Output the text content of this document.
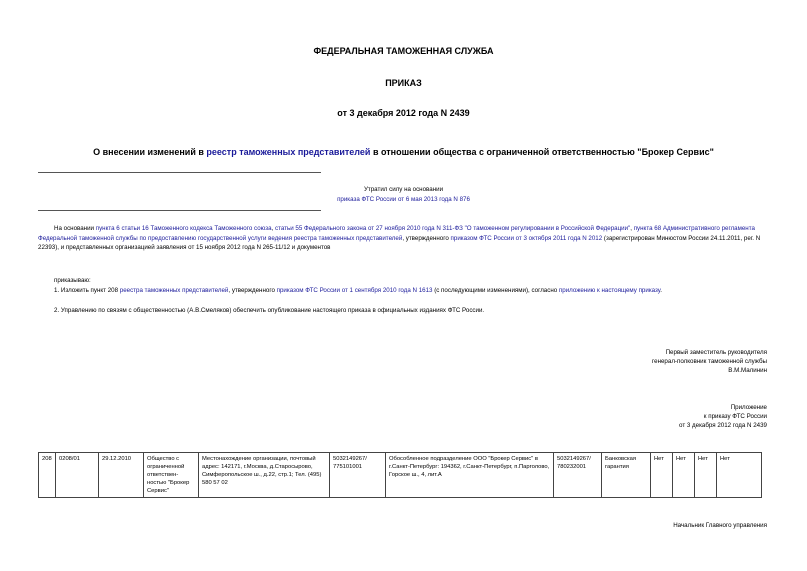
ФЕДЕРАЛЬНАЯ ТАМОЖЕННАЯ СЛУЖБА
ПРИКАЗ
от 3 декабря 2012 года N 2439
О внесении изменений в реестр таможенных представителей в отношении общества с ограниченной ответственностью "Брокер Сервис"
Утратил силу на основании
приказа ФТС России от 6 мая 2013 года N 876
На основании пункта 6 статьи 16 Таможенного кодекса Таможенного союза, статьи 55 Федерального закона от 27 ноября 2010 года N 311-ФЗ "О таможенном регулировании в Российской Федерации", пункта 68 Административного регламента Федеральной таможенной службы по предоставлению государственной услуги ведения реестра таможенных представителей, утвержденного приказом ФТС России от 3 октября 2011 года N 2012 (зарегистрирован Минюстом России 24.11.2011, рег. N 22393), и представленных организацией заявления от 15 ноября 2012 года N 265-11/12 и документов
приказываю:
1. Изложить пункт 208 реестра таможенных представителей, утвержденного приказом ФТС России от 1 сентября 2010 года N 1613 (с последующими изменениями), согласно приложению к настоящему приказу.
2. Управлению по связям с общественностью (А.В.Смеляков) обеспечить опубликование настоящего приказа в официальных изданиях ФТС России.
Первый заместитель руководителя
генерал-полковник таможенной службы
В.М.Малинин
Приложение
к приказу ФТС России
от 3 декабря 2012 года N 2439
208	0208/01	29.12.2010	Общество с ограниченной ответствен-ностью "Брокер Сервис"	Местонахождение организации, почтовый адрес: 142171, г.Москва, д.Старосырово, Симферопольское ш., д.22, стр.1; Тел. (495) 580 57 02	5032149267/ 775101001	Обособленное подразделение ООО "Брокер Сервис" в г.Санкт-Петербург: 194362, г.Санкт-Петербург, п.Парголово, Горское ш., 4, лит.А	5032149267/ 780232001	Банковская гарантия	Нет	Нет	Нет	Нет
Начальник Главного управления
